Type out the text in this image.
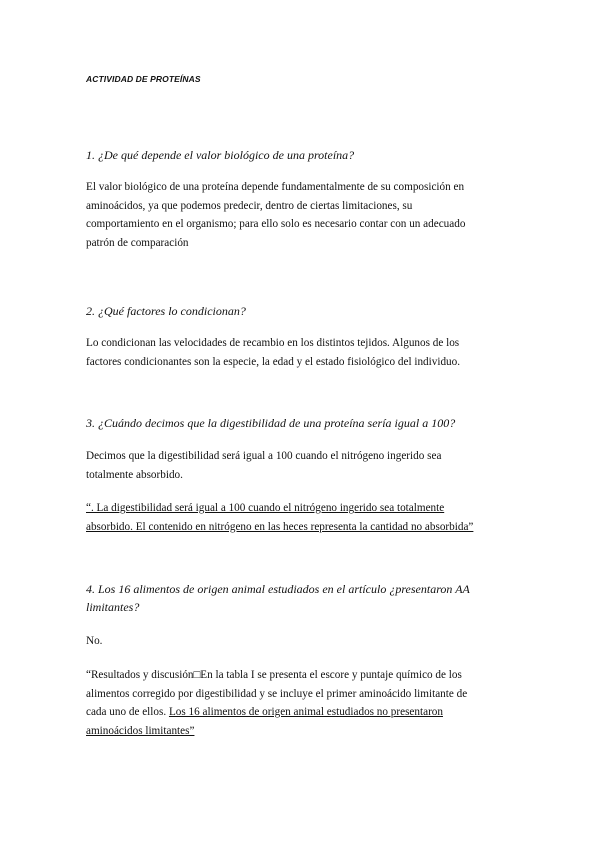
ACTIVIDAD DE PROTEÍNAS
1. ¿De qué depende el valor biológico de una proteína?
El valor biológico de una proteína depende fundamentalmente de su composición en
aminoácidos, ya que podemos predecir, dentro de ciertas limitaciones, su
comportamiento en el organismo; para ello solo es necesario contar con un adecuado
patrón de comparación
2. ¿Qué factores lo condicionan?
Lo condicionan las velocidades de recambio en los distintos tejidos. Algunos de los
factores condicionantes son la especie, la edad y el estado fisiológico del individuo.
3. ¿Cuándo decimos que la digestibilidad de una proteína sería igual a 100?
Decimos que la digestibilidad será igual a 100 cuando el nitrógeno ingerido sea
totalmente absorbido.
“. La digestibilidad será igual a 100 cuando el nitrógeno ingerido sea totalmente
absorbido. El contenido en nitrógeno en las heces representa la cantidad no absorbida”
4. Los 16 alimentos de origen animal estudiados en el artículo ¿presentaron AA
limitantes?
No.
“Resultados y discusión□En la tabla I se presenta el escore y puntaje químico de los
alimentos corregido por digestibilidad y se incluye el primer aminoácido limitante de
cada uno de ellos. Los 16 alimentos de origen animal estudiados no presentaron
aminoácidos limitantes”
